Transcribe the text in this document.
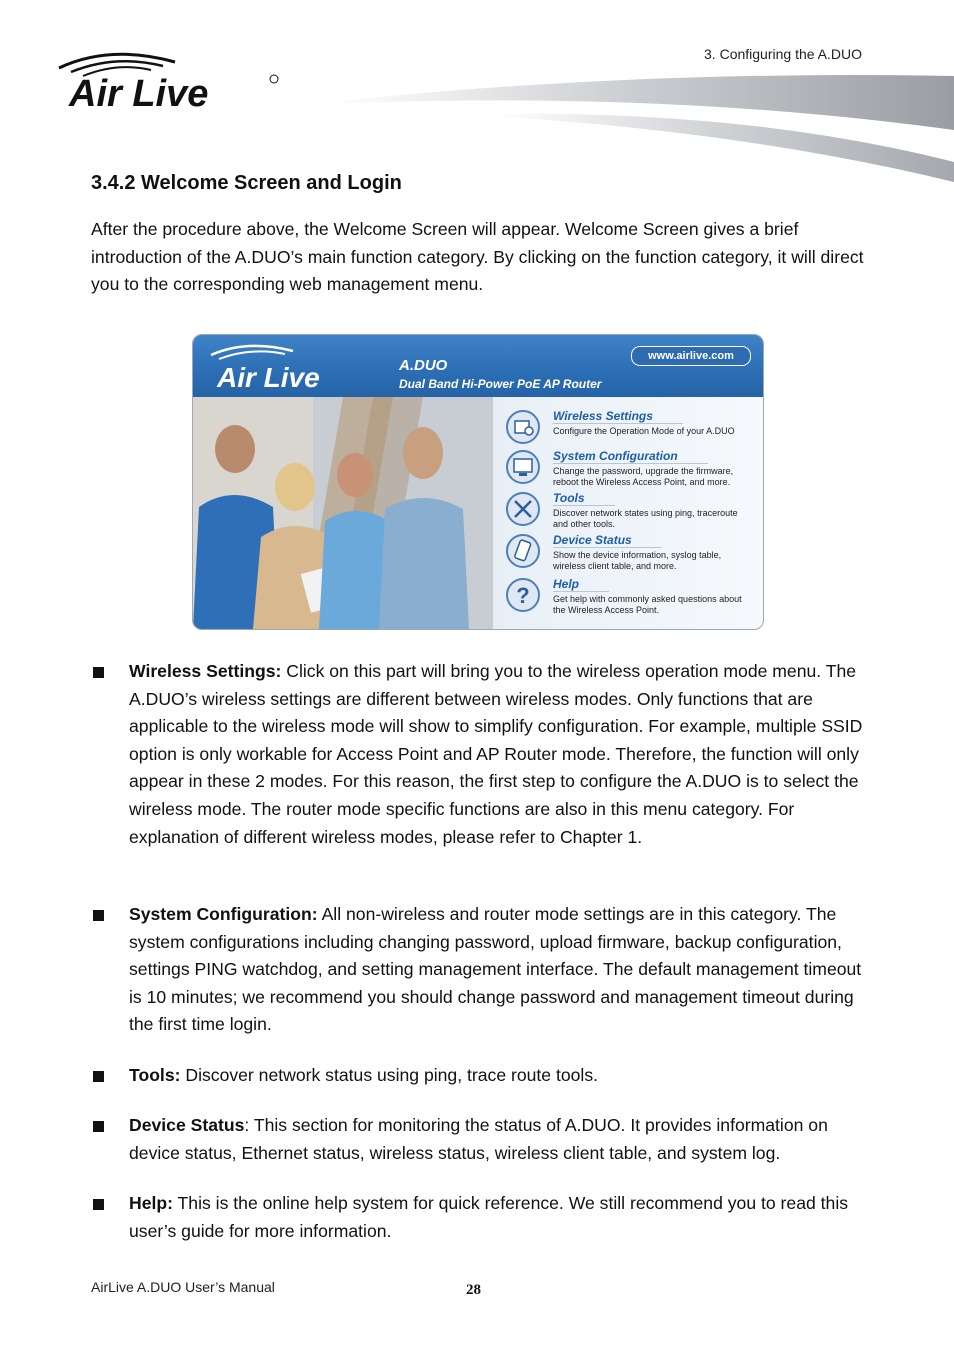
3. Configuring the A.DUO
Air Live
3.4.2 Welcome Screen and Login
After the procedure above, the Welcome Screen will appear. Welcome Screen gives a brief introduction of the A.DUO’s main function category. By clicking on the function category, it will direct you to the corresponding web management menu.
Air Live	A.DUO
Dual Band Hi-Power PoE AP Router
www.airlive.com
Wireless Settings
Configure the Operation Mode of your A.DUO
System Configuration
Change the password, upgrade the firmware, reboot the Wireless Access Point, and more.
Tools
Discover network states using ping, traceroute and other tools.
Device Status
Show the device information, syslog table, wireless client table, and more.
? Help
Get help with commonly asked questions about the Wireless Access Point.
Wireless Settings: Click on this part will bring you to the wireless operation mode menu. The A.DUO’s wireless settings are different between wireless modes. Only functions that are applicable to the wireless mode will show to simplify configuration. For example, multiple SSID option is only workable for Access Point and AP Router mode. Therefore, the function will only appear in these 2 modes. For this reason, the first step to configure the A.DUO is to select the wireless mode. The router mode specific functions are also in this menu category. For explanation of different wireless modes, please refer to Chapter 1.
System Configuration: All non-wireless and router mode settings are in this category. The system configurations including changing password, upload firmware, backup configuration, settings PING watchdog, and setting management interface. The default management timeout is 10 minutes; we recommend you should change password and management timeout during the first time login.
Tools: Discover network status using ping, trace route tools.
Device Status: This section for monitoring the status of A.DUO. It provides information on device status, Ethernet status, wireless status, wireless client table, and system log.
Help: This is the online help system for quick reference. We still recommend you to read this user’s guide for more information.
AirLive A.DUO User’s Manual	28
